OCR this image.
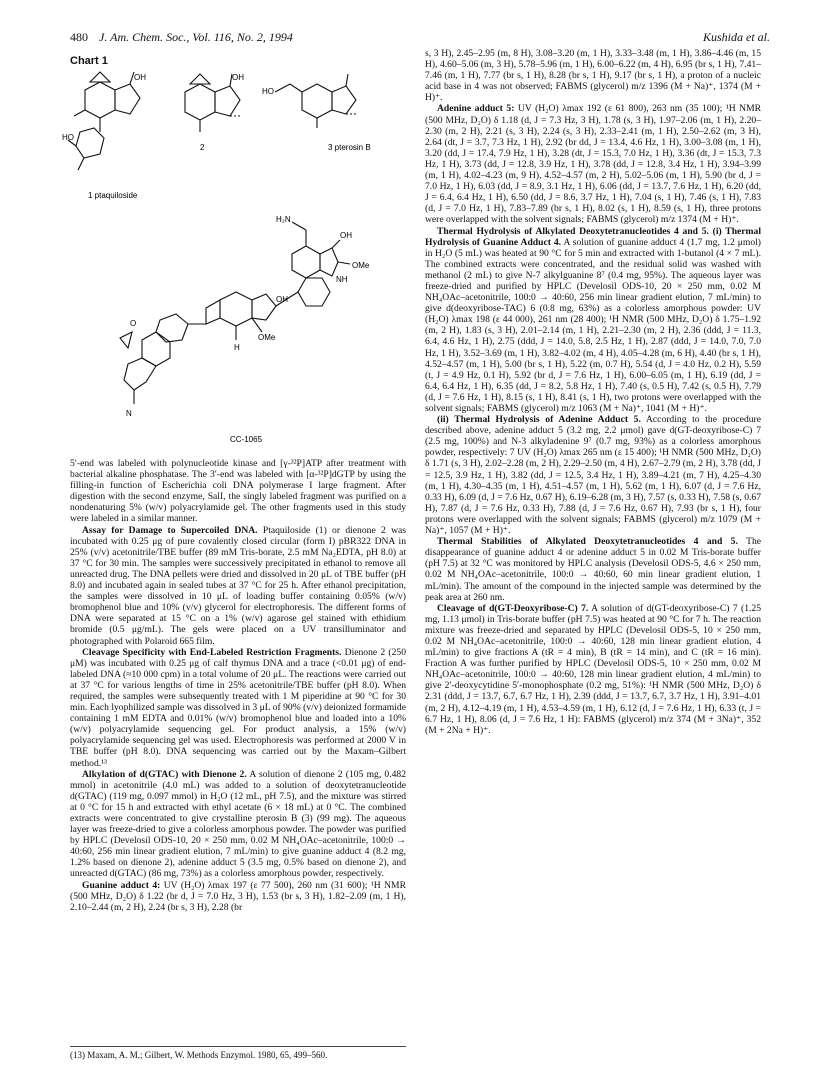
480 J. Am. Chem. Soc., Vol. 116, No. 2, 1994	Kushida et al.
Chart 1
1 ptaquiloside
2	3 pterosin B
CC-1065
H₂N
OH
OMe
NH
OH
OMe
HO
OH	OH
HO
N
H
O

5′-end was labeled with polynucleotide kinase and [γ-³²P]ATP after treatment with bacterial alkaline phosphatase. The 3′-end was labeled with [α-³²P]dGTP by using the filling-in function of Escherichia coli DNA polymerase I large fragment. After digestion with the second enzyme, SalI, the singly labeled fragment was purified on a nondenaturing 5% (w/v) polyacrylamide gel. The other fragments used in this study were labeled in a similar manner.

Assay for Damage to Supercoiled DNA. Ptaquiloside (1) or dienone 2 was incubated with 0.25 μg of pure covalently closed circular (form I) pBR322 DNA in 25% (v/v) acetonitrile/TBE buffer (89 mM Tris-borate, 2.5 mM Na₂EDTA, pH 8.0) at 37 °C for 30 min. The samples were successively precipitated in ethanol to remove all unreacted drug. The DNA pellets were dried and dissolved in 20 μL of TBE buffer (pH 8.0) and incubated again in sealed tubes at 37 °C for 25 h. After ethanol precipitation, the samples were dissolved in 10 μL of loading buffer containing 0.05% (w/v) bromophenol blue and 10% (v/v) glycerol for electrophoresis. The different forms of DNA were separated at 15 °C on a 1% (w/v) agarose gel stained with ethidium bromide (0.5 μg/mL). The gels were placed on a UV transilluminator and photographed with Polaroid 665 film.

Cleavage Specificity with End-Labeled Restriction Fragments. Dienone 2 (250 μM) was incubated with 0.25 μg of calf thymus DNA and a trace (<0.01 μg) of end-labeled DNA (≈10 000 cpm) in a total volume of 20 μL. The reactions were carried out at 37 °C for various lengths of time in 25% acetonitrile/TBE buffer (pH 8.0). When required, the samples were subsequently treated with 1 M piperidine at 90 °C for 30 min. Each lyophilized sample was dissolved in 3 μL of 90% (v/v) deionized formamide containing 1 mM EDTA and 0.01% (w/v) bromophenol blue and loaded into a 10% (w/v) polyacrylamide sequencing gel. For product analysis, a 15% (w/v) polyacrylamide sequencing gel was used. Electrophoresis was performed at 2000 V in TBE buffer (pH 8.0). DNA sequencing was carried out by the Maxam–Gilbert method.¹³

Alkylation of d(GTAC) with Dienone 2. A solution of dienone 2 (105 mg, 0.482 mmol) in acetonitrile (4.0 mL) was added to a solution of deoxytetranucleotide d(GTAC) (119 mg, 0.097 mmol) in H₂O (12 mL, pH 7.5), and the mixture was stirred at 0 °C for 15 h and extracted with ethyl acetate (6 × 18 mL) at 0 °C. The combined extracts were concentrated to give crystalline pterosin B (3) (99 mg). The aqueous layer was freeze-dried to give a colorless amorphous powder. The powder was purified by HPLC (Develosil ODS-10, 20 × 250 mm, 0.02 M NH₄OAc–acetonitrile, 100:0 → 40:60, 256 min linear gradient elution, 7 mL/min) to give guanine adduct 4 (8.2 mg, 1.2% based on dienone 2), adenine adduct 5 (3.5 mg, 0.5% based on dienone 2), and unreacted d(GTAC) (86 mg, 73%) as a colorless amorphous powder, respectively.

Guanine adduct 4: UV (H₂O) λmax 197 (ε 77 500), 260 nm (31 600); ¹H NMR (500 MHz, D₂O) δ 1.22 (br d, J = 7.0 Hz, 3 H), 1.53 (br s, 3 H), 1.82–2.09 (m, 1 H), 2.10–2.44 (m, 2 H), 2.24 (br s, 3 H), 2.28 (br

s, 3 H), 2.45–2.95 (m, 8 H), 3.08–3.20 (m, 1 H), 3.33–3.48 (m, 1 H), 3.86–4.46 (m, 15 H), 4.60–5.06 (m, 3 H), 5.78–5.96 (m, 1 H), 6.00–6.22 (m, 4 H), 6.95 (br s, 1 H), 7.41–7.46 (m, 1 H), 7.77 (br s, 1 H), 8.28 (br s, 1 H), 9.17 (br s, 1 H), a proton of a nucleic acid base in 4 was not observed; FABMS (glycerol) m/z 1396 (M + Na)⁺, 1374 (M + H)⁺.

Adenine adduct 5: UV (H₂O) λmax 192 (ε 61 800), 263 nm (35 100); ¹H NMR (500 MHz, D₂O) δ 1.18 (d, J = 7.3 Hz, 3 H), 1.78 (s, 3 H), 1.97–2.06 (m, 1 H), 2.20–2.30 (m, 2 H), 2.21 (s, 3 H), 2.24 (s, 3 H), 2.33–2.41 (m, 1 H), 2.50–2.62 (m, 3 H), 2.64 (dt, J = 3.7, 7.3 Hz, 1 H), 2.92 (br dd, J = 13.4, 4.6 Hz, 1 H), 3.00–3.08 (m, 1 H), 3.20 (dd, J = 17.4, 7.9 Hz, 1 H), 3.28 (dt, J = 15.3, 7.0 Hz, 1 H), 3.36 (dt, J = 15.3, 7.3 Hz, 1 H), 3.73 (dd, J = 12.8, 3.9 Hz, 1 H), 3.78 (dd, J = 12.8, 3.4 Hz, 1 H), 3.94–3.99 (m, 1 H), 4.02–4.23 (m, 9 H), 4.52–4.57 (m, 2 H), 5.02–5.06 (m, 1 H), 5.90 (br d, J = 7.0 Hz, 1 H), 6.03 (dd, J = 8.9, 3.1 Hz, 1 H), 6.06 (dd, J = 13.7, 7.6 Hz, 1 H), 6.20 (dd, J = 6.4, 6.4 Hz, 1 H), 6.50 (dd, J = 8.6, 3.7 Hz, 1 H), 7.04 (s, 1 H), 7.46 (s, 1 H), 7.83 (d, J = 7.0 Hz, 1 H), 7.83–7.89 (br s, 1 H), 8.02 (s, 1 H), 8.59 (s, 1 H), three protons were overlapped with the solvent signals; FABMS (glycerol) m/z 1374 (M + H)⁺.

Thermal Hydrolysis of Alkylated Deoxytetranucleotides 4 and 5. (i) Thermal Hydrolysis of Guanine Adduct 4. A solution of guanine adduct 4 (1.7 mg, 1.2 μmol) in H₂O (5 mL) was heated at 90 °C for 5 min and extracted with 1-butanol (4 × 7 mL). The combined extracts were concentrated, and the residual solid was washed with methanol (2 mL) to give N-7 alkylguanine 8⁷ (0.4 mg, 95%). The aqueous layer was freeze-dried and purified by HPLC (Develosil ODS-10, 20 × 250 mm, 0.02 M NH₄OAc–acetonitrile, 100:0 → 40:60, 256 min linear gradient elution, 7 mL/min) to give d(deoxyribose-TAC) 6 (0.8 mg, 63%) as a colorless amorphous powder: UV (H₂O) λmax 198 (ε 44 000), 261 nm (28 400); ¹H NMR (500 MHz, D₂O) δ 1.75–1.92 (m, 2 H), 1.83 (s, 3 H), 2.01–2.14 (m, 1 H), 2.21–2.30 (m, 2 H), 2.36 (ddd, J = 11.3, 6.4, 4.6 Hz, 1 H), 2.75 (ddd, J = 14.0, 5.8, 2.5 Hz, 1 H), 2.87 (ddd, J = 14.0, 7.0, 7.0 Hz, 1 H), 3.52–3.69 (m, 1 H), 3.82–4.02 (m, 4 H), 4.05–4.28 (m, 6 H), 4.40 (br s, 1 H), 4.52–4.57 (m, 1 H), 5.00 (br s, 1 H), 5.22 (m, 0.7 H), 5.54 (d, J = 4.0 Hz, 0.2 H), 5.59 (t, J = 4.9 Hz, 0.1 H), 5.92 (br d, J = 7.6 Hz, 1 H), 6.00–6.05 (m, 1 H), 6.19 (dd, J = 6.4, 6.4 Hz, 1 H), 6.35 (dd, J = 8.2, 5.8 Hz, 1 H), 7.40 (s, 0.5 H), 7.42 (s, 0.5 H), 7.79 (d, J = 7.6 Hz, 1 H), 8.15 (s, 1 H), 8.41 (s, 1 H), two protons were overlapped with the solvent signals; FABMS (glycerol) m/z 1063 (M + Na)⁺, 1041 (M + H)⁺.

(ii) Thermal Hydrolysis of Adenine Adduct 5. According to the procedure described above, adenine adduct 5 (3.2 mg, 2.2 μmol) gave d(GT-deoxyribose-C) 7 (2.5 mg, 100%) and N-3 alkyladenine 9⁷ (0.7 mg, 93%) as a colorless amorphous powder, respectively: 7 UV (H₂O) λmax 265 nm (ε 15 400); ¹H NMR (500 MHz, D₂O) δ 1.71 (s, 3 H), 2.02–2.28 (m, 2 H), 2.29–2.50 (m, 4 H), 2.67–2.79 (m, 2 H), 3.78 (dd, J = 12.5, 3.9 Hz, 1 H), 3.82 (dd, J = 12.5, 3.4 Hz, 1 H), 3.89–4.21 (m, 7 H), 4.25–4.30 (m, 1 H), 4.30–4.35 (m, 1 H), 4.51–4.57 (m, 1 H), 5.62 (m, 1 H), 6.07 (d, J = 7.6 Hz, 0.33 H), 6.09 (d, J = 7.6 Hz, 0.67 H), 6.19–6.28 (m, 3 H), 7.57 (s, 0.33 H), 7.58 (s, 0.67 H), 7.87 (d, J = 7.6 Hz, 0.33 H), 7.88 (d, J = 7.6 Hz, 0.67 H), 7.93 (br s, 1 H), four protons were overlapped with the solvent signals; FABMS (glycerol) m/z 1079 (M + Na)⁺, 1057 (M + H)⁺.

Thermal Stabilities of Alkylated Deoxytetranucleotides 4 and 5. The disappearance of guanine adduct 4 or adenine adduct 5 in 0.02 M Tris-borate buffer (pH 7.5) at 32 °C was monitored by HPLC analysis (Develosil ODS-5, 4.6 × 250 mm, 0.02 M NH₄OAc–acetonitrile, 100:0 → 40:60, 60 min linear gradient elution, 1 mL/min). The amount of the compound in the injected sample was determined by the peak area at 260 nm.

Cleavage of d(GT-Deoxyribose-C) 7. A solution of d(GT-deoxyribose-C) 7 (1.25 mg, 1.13 μmol) in Tris-borate buffer (pH 7.5) was heated at 90 °C for 7 h. The reaction mixture was freeze-dried and separated by HPLC (Develosil ODS-5, 10 × 250 mm, 0.02 M NH₄OAc–acetonitrile, 100:0 → 40:60, 128 min linear gradient elution, 4 mL/min) to give fractions A (tR = 4 min), B (tR = 14 min), and C (tR = 16 min). Fraction A was further purified by HPLC (Develosil ODS-5, 10 × 250 mm, 0.02 M NH₄OAc–acetonitrile, 100:0 → 40:60, 128 min linear gradient elution, 4 mL/min) to give 2′-deoxycytidine 5′-monophosphate (0.2 mg, 51%): ¹H NMR (500 MHz, D₂O) δ 2.31 (ddd, J = 13.7, 6.7, 6.7 Hz, 1 H), 2.39 (ddd, J = 13.7, 6.7, 3.7 Hz, 1 H), 3.91–4.01 (m, 2 H), 4.12–4.19 (m, 1 H), 4.53–4.59 (m, 1 H), 6.12 (d, J = 7.6 Hz, 1 H), 6.33 (t, J = 6.7 Hz, 1 H), 8.06 (d, J = 7.6 Hz, 1 H): FABMS (glycerol) m/z 374 (M + 3Na)⁺, 352 (M + 2Na + H)⁺.

(13) Maxam, A. M.; Gilbert, W. Methods Enzymol. 1980, 65, 499–560.
